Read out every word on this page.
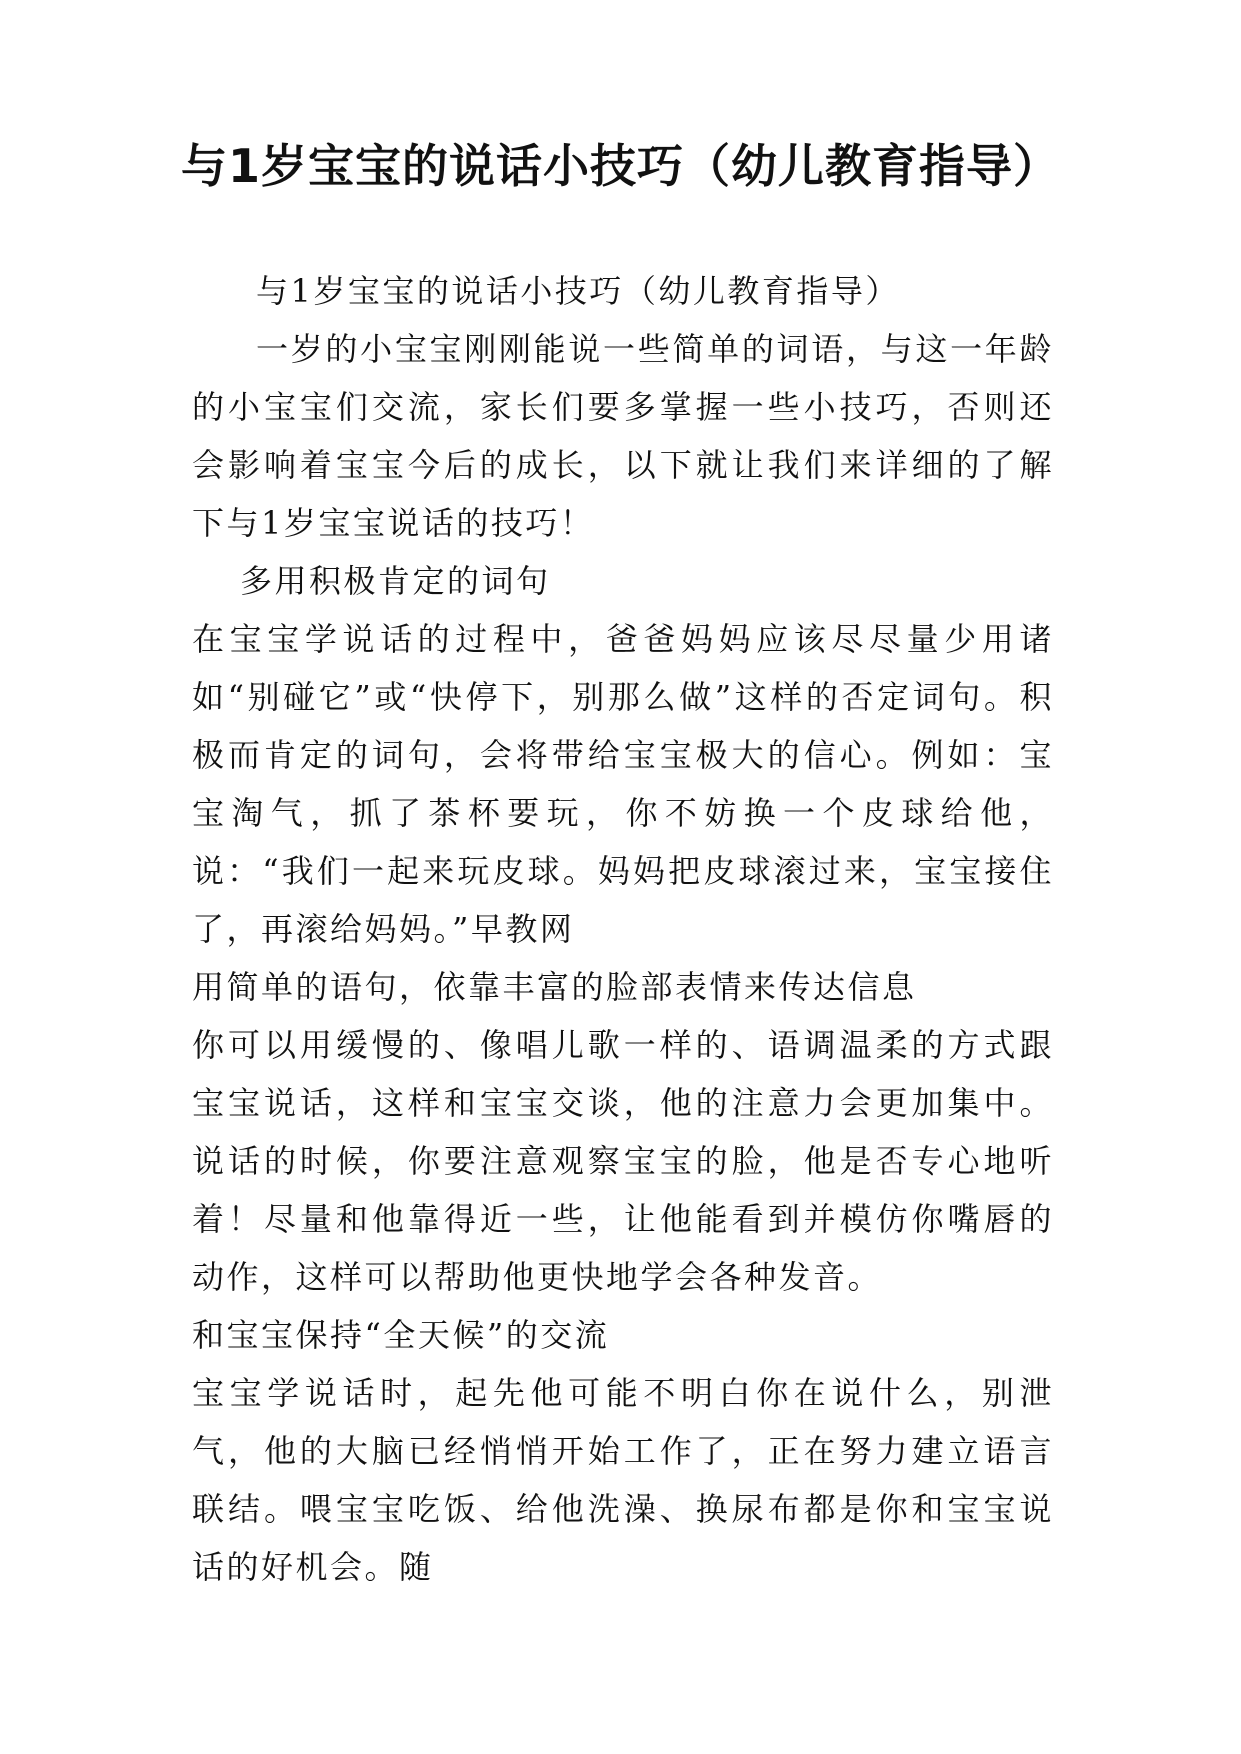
与1岁宝宝的说话小技巧（幼儿教育指导）

与1岁宝宝的说话小技巧（幼儿教育指导）

一岁的小宝宝刚刚能说一些简单的词语，与这一年龄的小宝宝们交流，家长们要多掌握一些小技巧，否则还会影响着宝宝今后的成长，以下就让我们来详细的了解下与1岁宝宝说话的技巧！

多用积极肯定的词句

在宝宝学说话的过程中，爸爸妈妈应该尽尽量少用诸如“别碰它”或“快停下，别那么做”这样的否定词句。积极而肯定的词句，会将带给宝宝极大的信心。例如：宝宝淘气，抓了茶杯要玩，你不妨换一个皮球给他，说：“我们一起来玩皮球。妈妈把皮球滚过来，宝宝接住了，再滚给妈妈。”早教网

用简单的语句，依靠丰富的脸部表情来传达信息

你可以用缓慢的、像唱儿歌一样的、语调温柔的方式跟宝宝说话，这样和宝宝交谈，他的注意力会更加集中。说话的时候，你要注意观察宝宝的脸，他是否专心地听着！尽量和他靠得近一些，让他能看到并模仿你嘴唇的动作，这样可以帮助他更快地学会各种发音。

和宝宝保持“全天候”的交流

宝宝学说话时，起先他可能不明白你在说什么，别泄气，他的大脑已经悄悄开始工作了，正在努力建立语言联结。喂宝宝吃饭、给他洗澡、换尿布都是你和宝宝说话的好机会。随
